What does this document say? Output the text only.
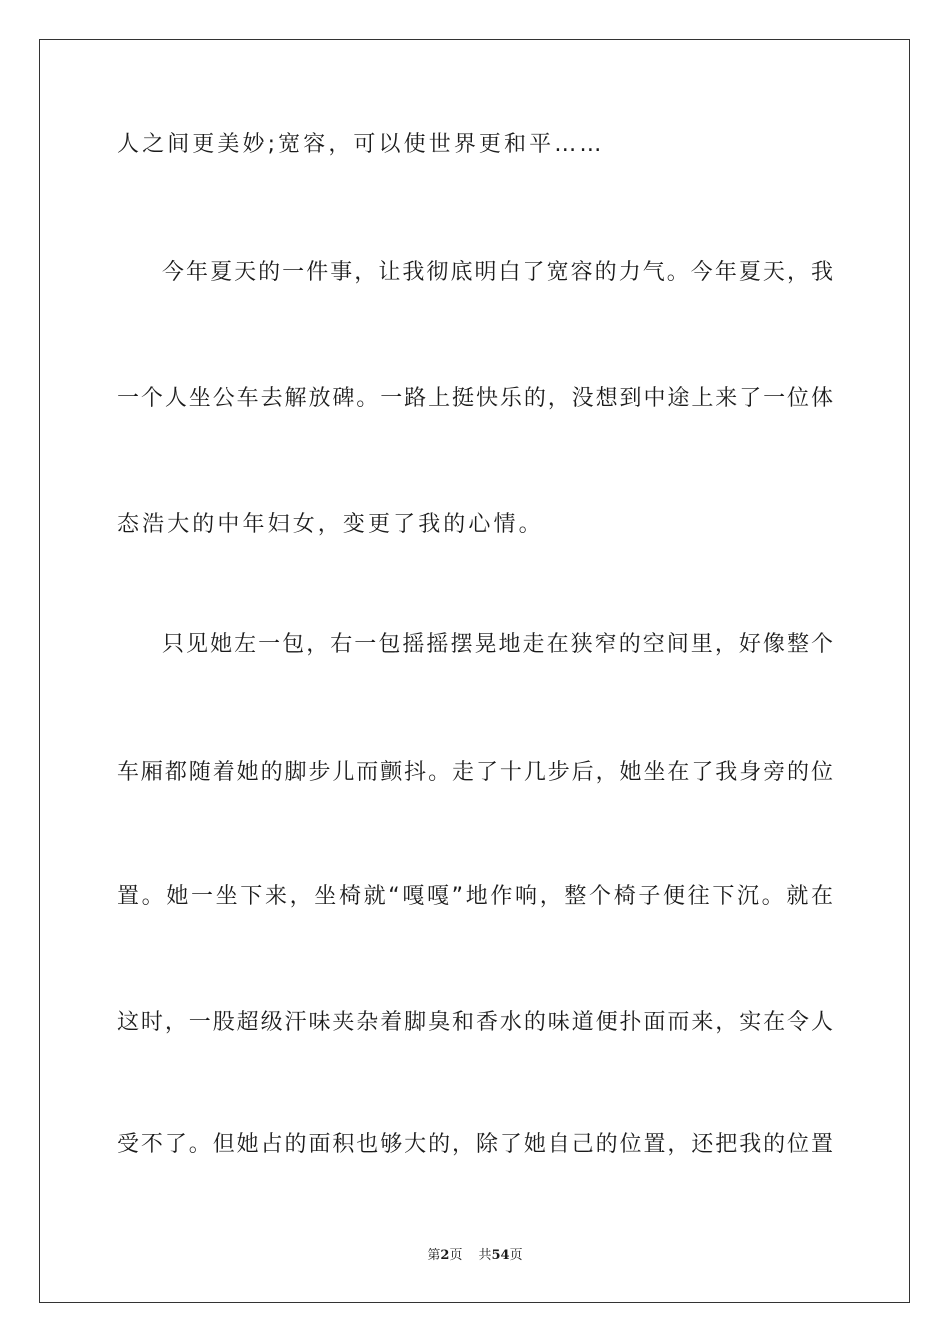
人之间更美妙;宽容，可以使世界更和平……
今年夏天的一件事，让我彻底明白了宽容的力气。今年夏天，我
一个人坐公车去解放碑。一路上挺快乐的，没想到中途上来了一位体
态浩大的中年妇女，变更了我的心情。
只见她左一包，右一包摇摇摆晃地走在狭窄的空间里，好像整个
车厢都随着她的脚步儿而颤抖。走了十几步后，她坐在了我身旁的位
置。她一坐下来，坐椅就“嘎嘎”地作响，整个椅子便往下沉。就在
这时，一股超级汗味夹杂着脚臭和香水的味道便扑面而来，实在令人
受不了。但她占的面积也够大的，除了她自己的位置，还把我的位置
第2页 共54页
